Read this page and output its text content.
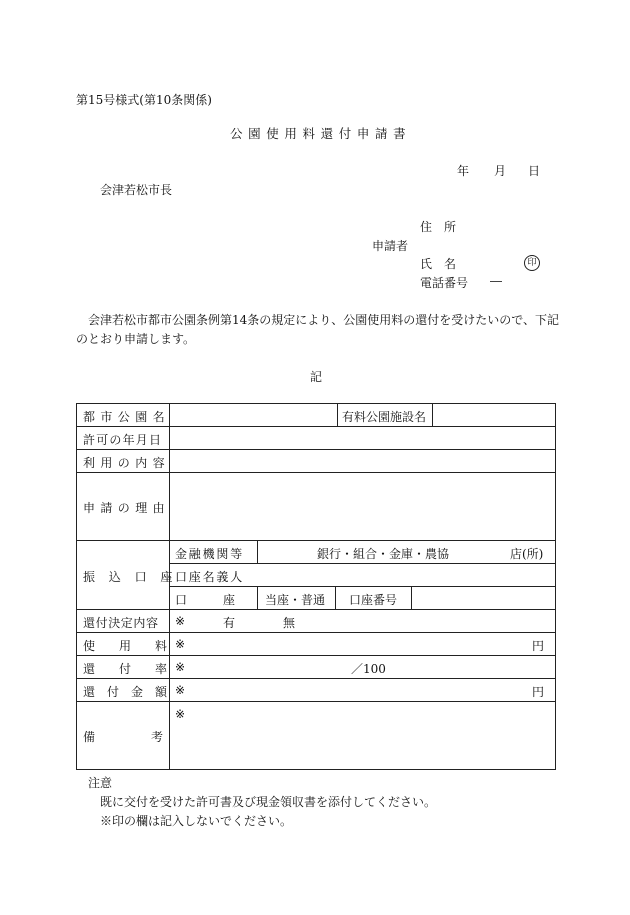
第15号様式(第10条関係)
公園使用料還付申請書
年 月 日
会津若松市長
住　所
申請者
氏　名	印
電話番号 ―
会津若松市都市公園条例第14条の規定により、公園使用料の還付を受けたいので、下記
のとおり申請します。
記
都市公園名	有料公園施設名
許可の年月日
利用の内容
申請の理由
振込口座
金融機関等	銀行・組合・金庫・農協	店(所)
口座名義人
口　　　座 当座・普通 口座番号
還付決定内容 ※	有	無
使　　用　　料 ※	円
還　　付　　率 ※	／100
還　付　金　額 ※	円
備	考
※
注意
既に交付を受けた許可書及び現金領収書を添付してください。
※印の欄は記入しないでください。
